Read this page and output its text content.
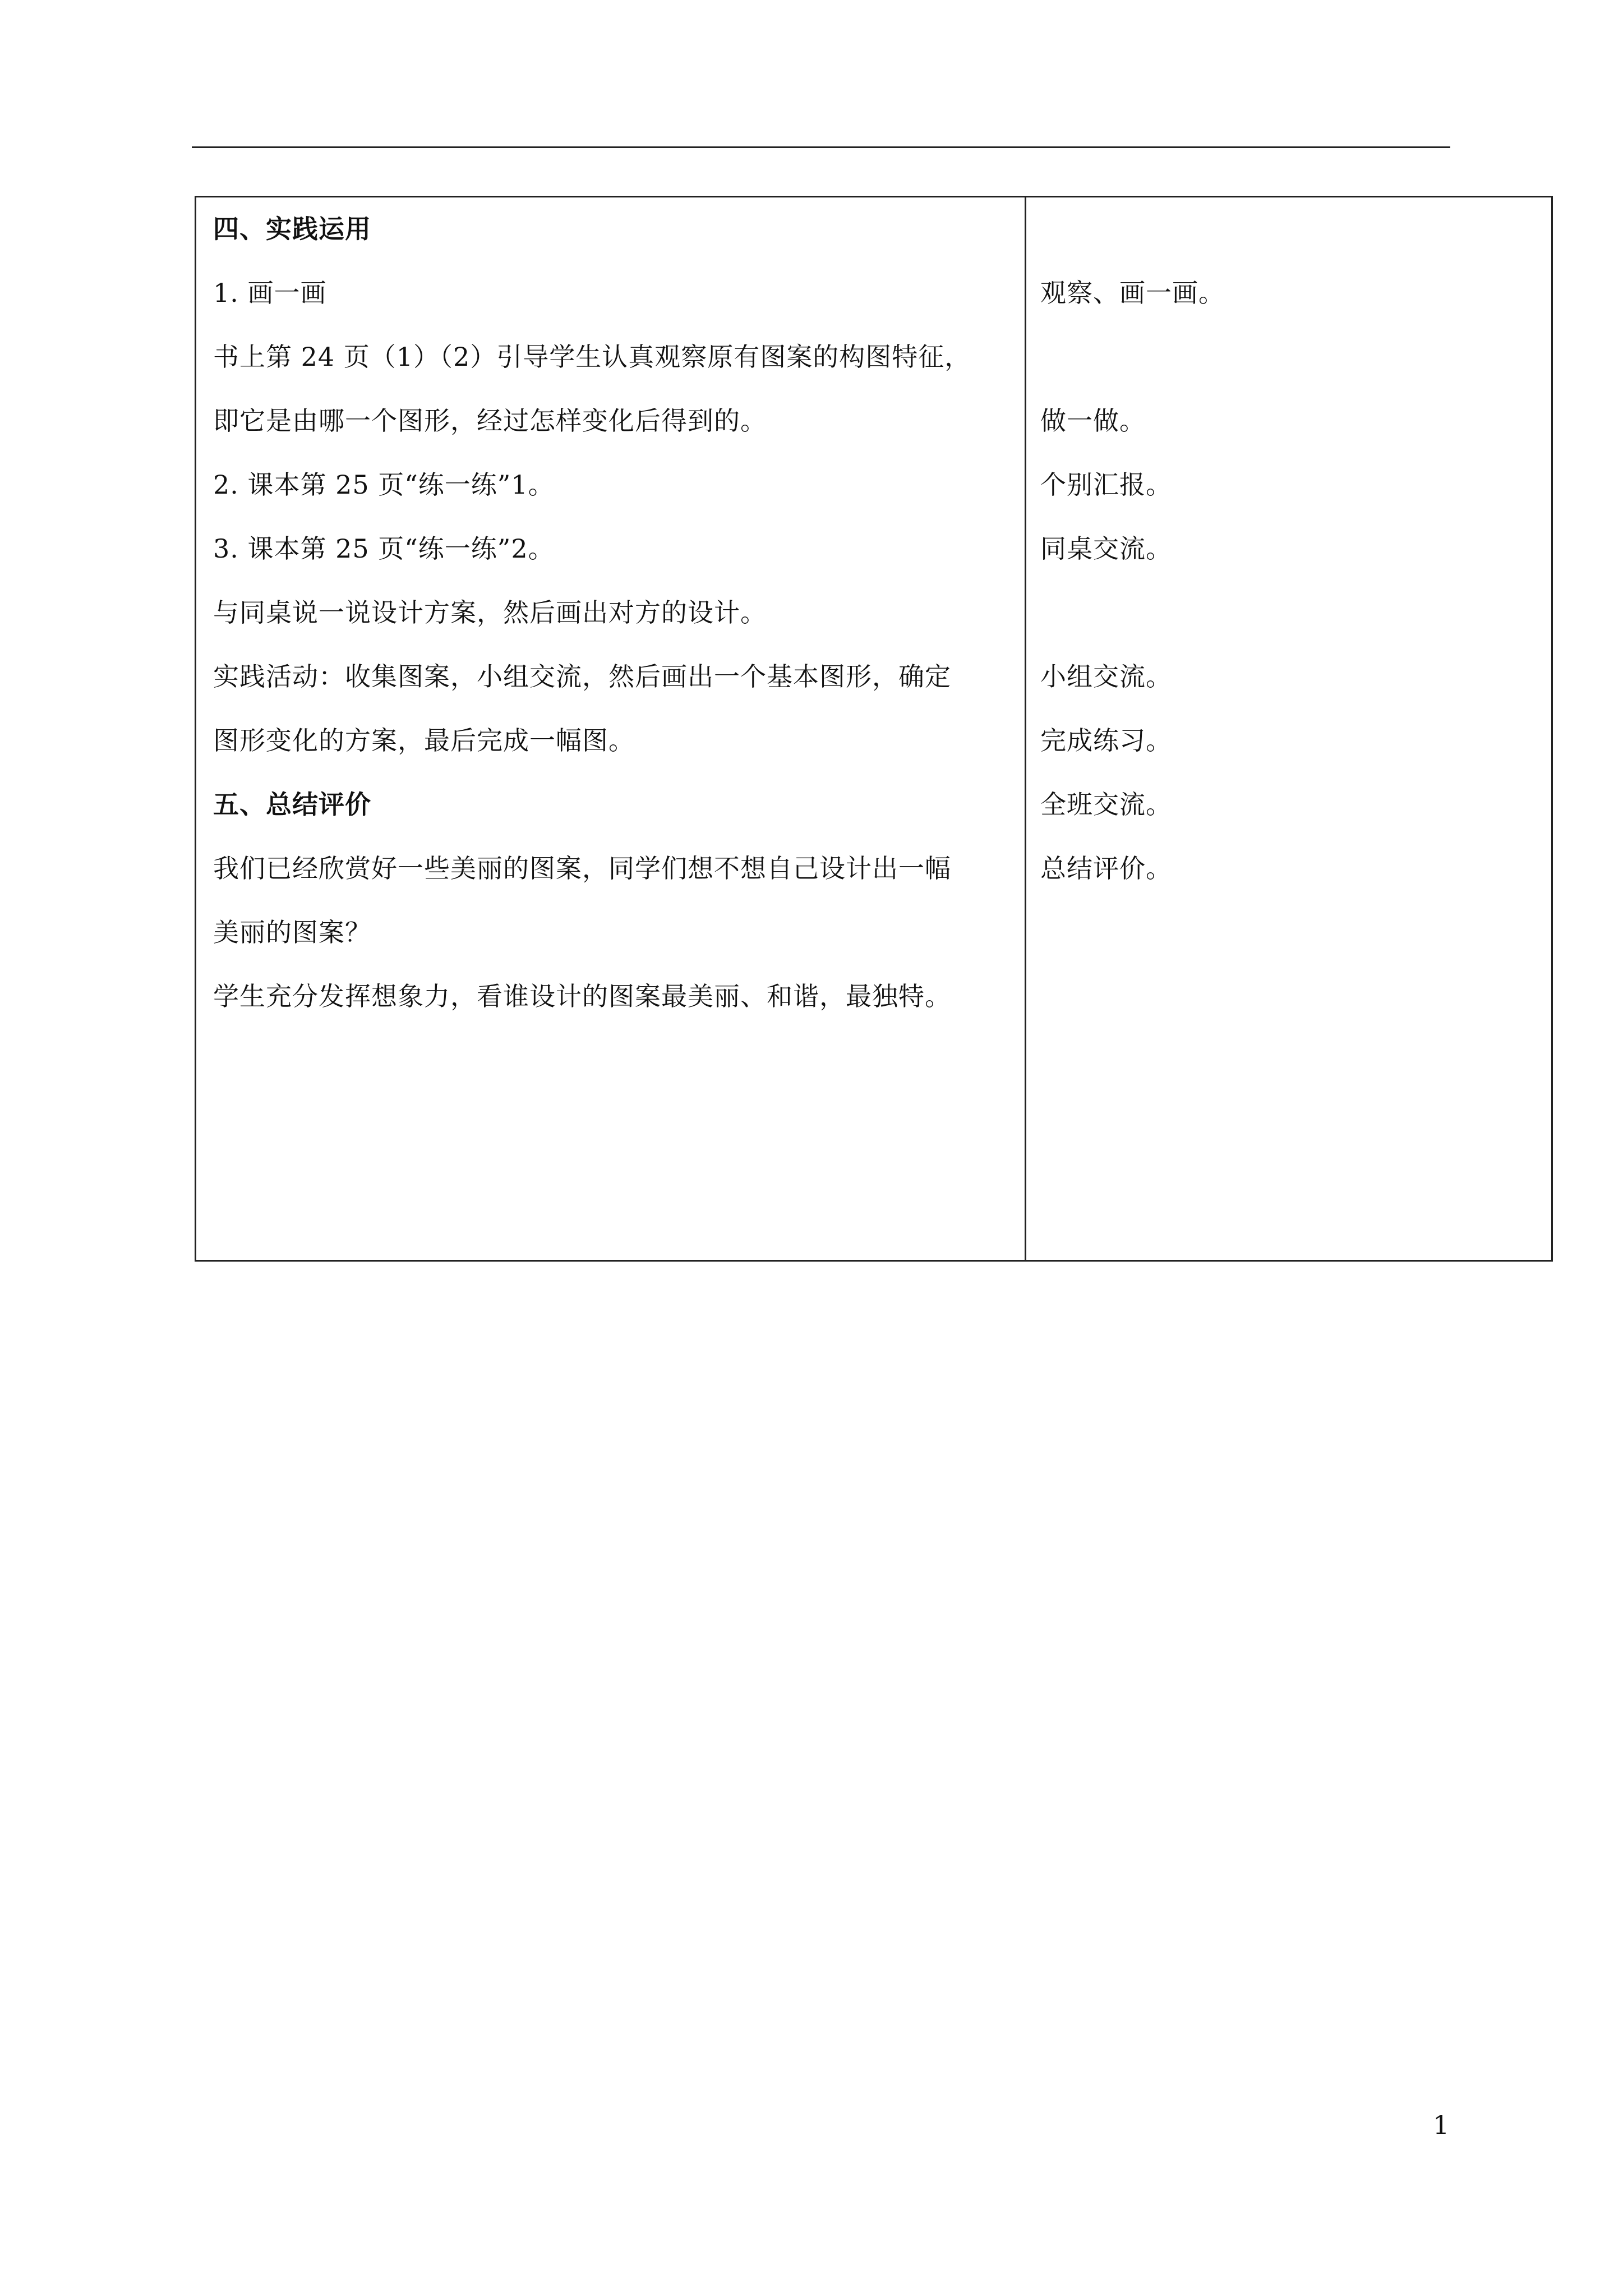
四、实践运用
1. 画一画
书上第 24 页（1）（2）引导学生认真观察原有图案的构图特征，
即它是由哪一个图形，经过怎样变化后得到的。
2. 课本第 25 页“练一练”1。
3. 课本第 25 页“练一练”2。
与同桌说一说设计方案，然后画出对方的设计。
实践活动：收集图案，小组交流，然后画出一个基本图形，确定
图形变化的方案，最后完成一幅图。
五、总结评价
我们已经欣赏好一些美丽的图案，同学们想不想自己设计出一幅
美丽的图案？
学生充分发挥想象力，看谁设计的图案最美丽、和谐，最独特。
观察、画一画。
做一做。
个别汇报。
同桌交流。
小组交流。
完成练习。
全班交流。
总结评价。
1
